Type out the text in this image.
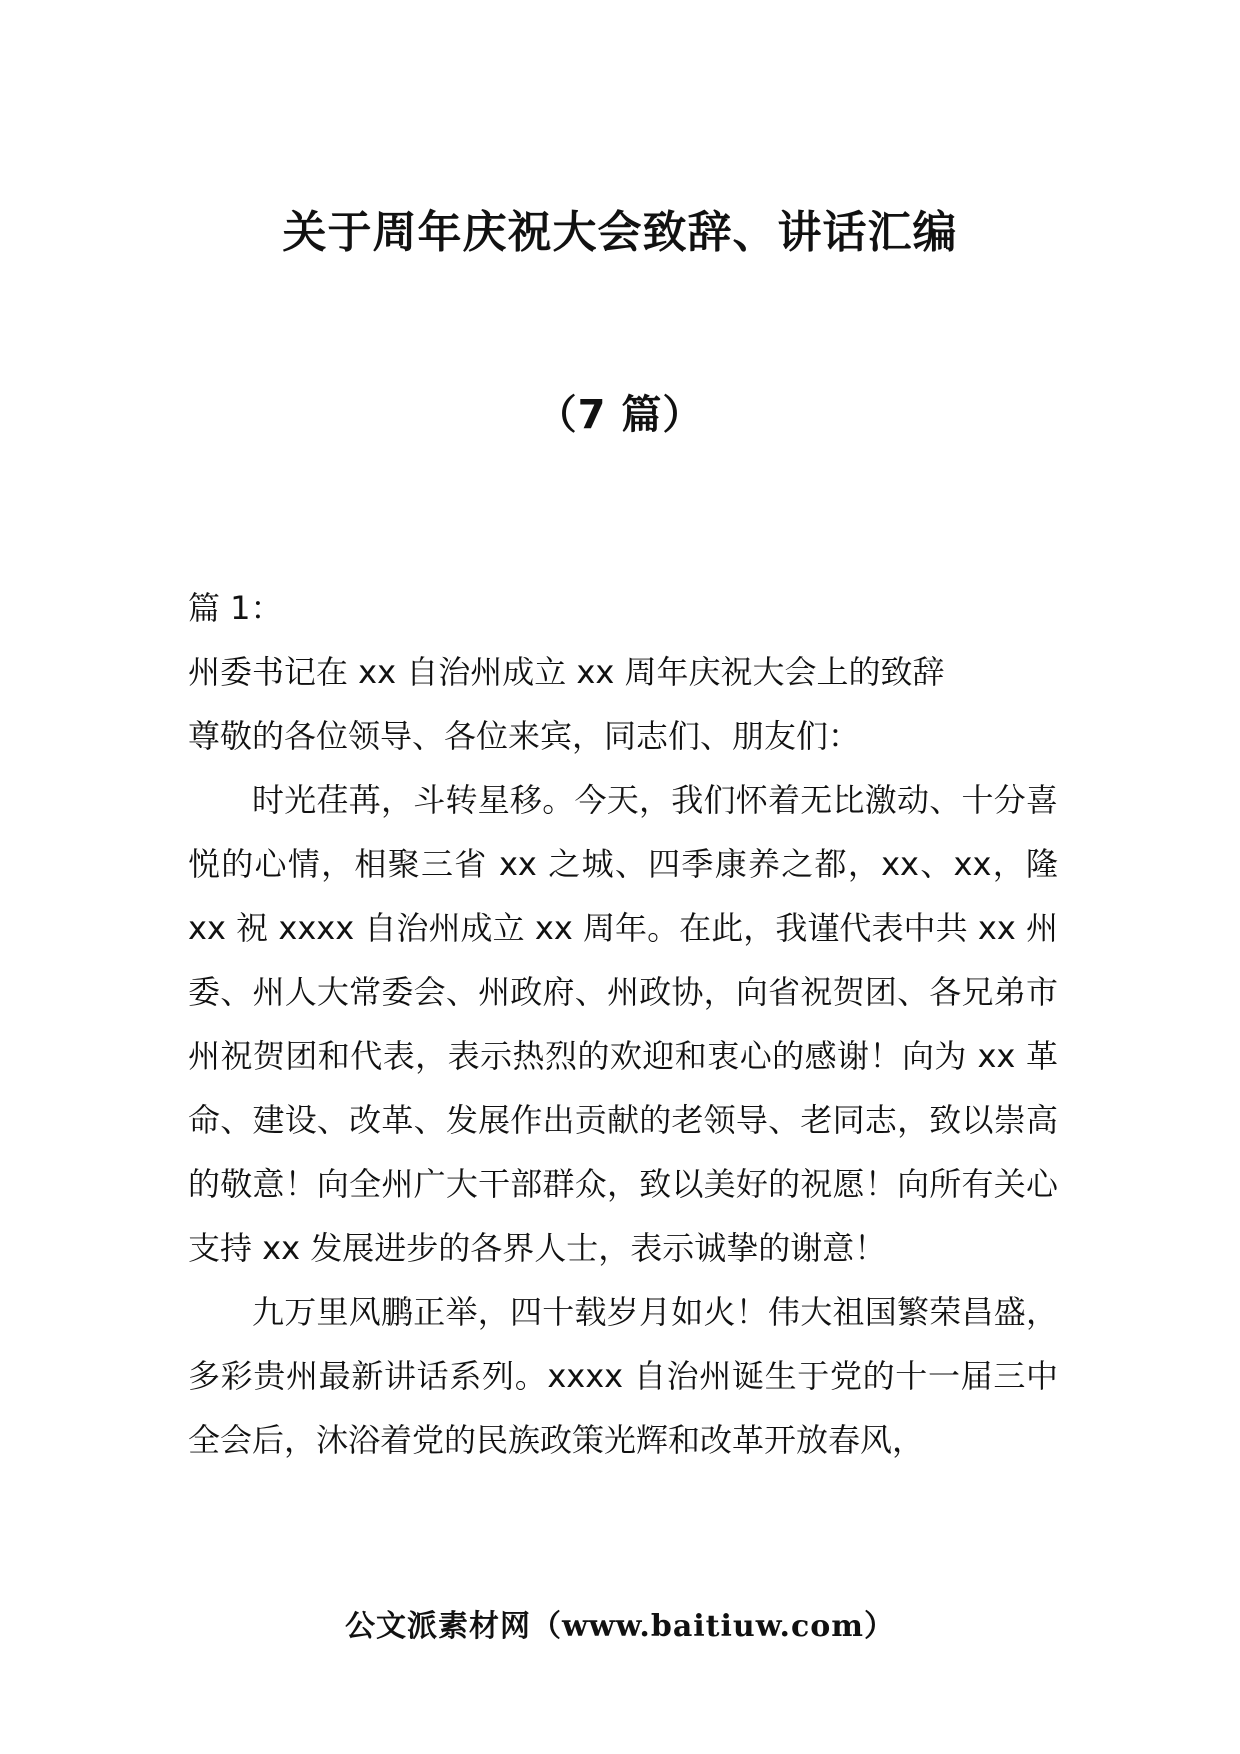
关于周年庆祝大会致辞、讲话汇编
（7 篇）

篇 1：

州委书记在 xx 自治州成立 xx 周年庆祝大会上的致辞

尊敬的各位领导、各位来宾，同志们、朋友们：

时光荏苒，斗转星移。今天，我们怀着无比激动、十分喜悦的心情，相聚三省 xx 之城、四季康养之都，xx、xx，隆 xx 祝 xxxx 自治州成立 xx 周年。在此，我谨代表中共 xx 州委、州人大常委会、州政府、州政协，向省祝贺团、各兄弟市州祝贺团和代表，表示热烈的欢迎和衷心的感谢！向为 xx 革命、建设、改革、发展作出贡献的老领导、老同志，致以崇高的敬意！向全州广大干部群众，致以美好的祝愿！向所有关心支持 xx 发展进步的各界人士，表示诚挚的谢意！

九万里风鹏正举，四十载岁月如火！伟大祖国繁荣昌盛，多彩贵州最新讲话系列。xxxx 自治州诞生于党的十一届三中全会后，沐浴着党的民族政策光辉和改革开放春风，

公文派素材网（www.baitiuw.com）
